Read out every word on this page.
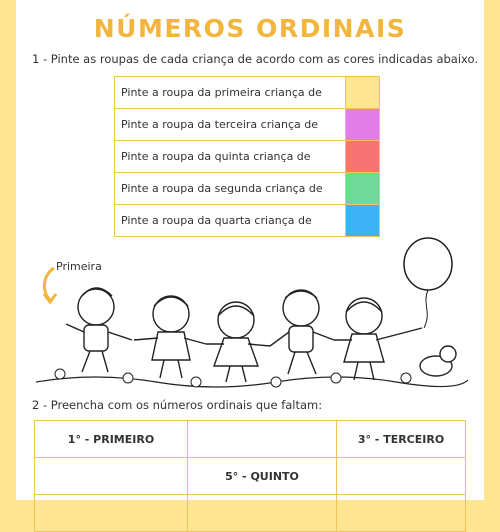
NÚMEROS ORDINAIS
1 - Pinte as roupas de cada criança de acordo com as cores indicadas abaixo.
Pinte a roupa da primeira criança de	
Pinte a roupa da terceira criança de	
Pinte a roupa da quinta criança de	
Pinte a roupa da segunda criança de	
Pinte a roupa da quarta criança de	
Primeira
2 - Preencha com os números ordinais que faltam:
1° - PRIMEIRO		3° - TERCEIRO
	5° - QUINTO	
